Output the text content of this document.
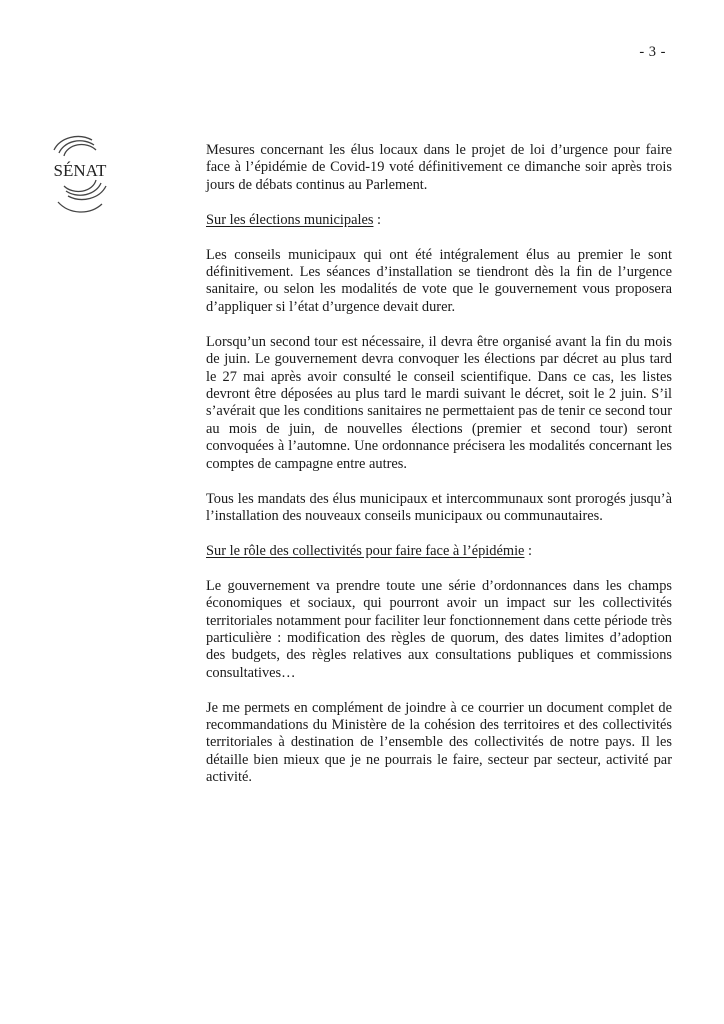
- 3 -
SÉNAT

Mesures concernant les élus locaux dans le projet de loi d’urgence pour faire face à l’épidémie de Covid-19 voté définitivement ce dimanche soir après trois jours de débats continus au Parlement.

Sur les élections municipales :

Les conseils municipaux qui ont été intégralement élus au premier le sont définitivement. Les séances d’installation se tiendront dès la fin de l’urgence sanitaire, ou selon les modalités de vote que le gouvernement vous proposera d’appliquer si l’état d’urgence devait durer.

Lorsqu’un second tour est nécessaire, il devra être organisé avant la fin du mois de juin. Le gouvernement devra convoquer les élections par décret au plus tard le 27 mai après avoir consulté le conseil scientifique. Dans ce cas, les listes devront être déposées au plus tard le mardi suivant le décret, soit le 2 juin. S’il s’avérait que les conditions sanitaires ne permettaient pas de tenir ce second tour au mois de juin, de nouvelles élections (premier et second tour) seront convoquées à l’automne. Une ordonnance précisera les modalités concernant les comptes de campagne entre autres.

Tous les mandats des élus municipaux et intercommunaux sont prorogés jusqu’à l’installation des nouveaux conseils municipaux ou communautaires.

Sur le rôle des collectivités pour faire face à l’épidémie :

Le gouvernement va prendre toute une série d’ordonnances dans les champs économiques et sociaux, qui pourront avoir un impact sur les collectivités territoriales notamment pour faciliter leur fonctionnement dans cette période très particulière : modification des règles de quorum, des dates limites d’adoption des budgets, des règles relatives aux consultations publiques et commissions consultatives…

Je me permets en complément de joindre à ce courrier un document complet de recommandations du Ministère de la cohésion des territoires et des collectivités territoriales à destination de l’ensemble des collectivités de notre pays. Il les détaille bien mieux que je ne pourrais le faire, secteur par secteur, activité par activité.
